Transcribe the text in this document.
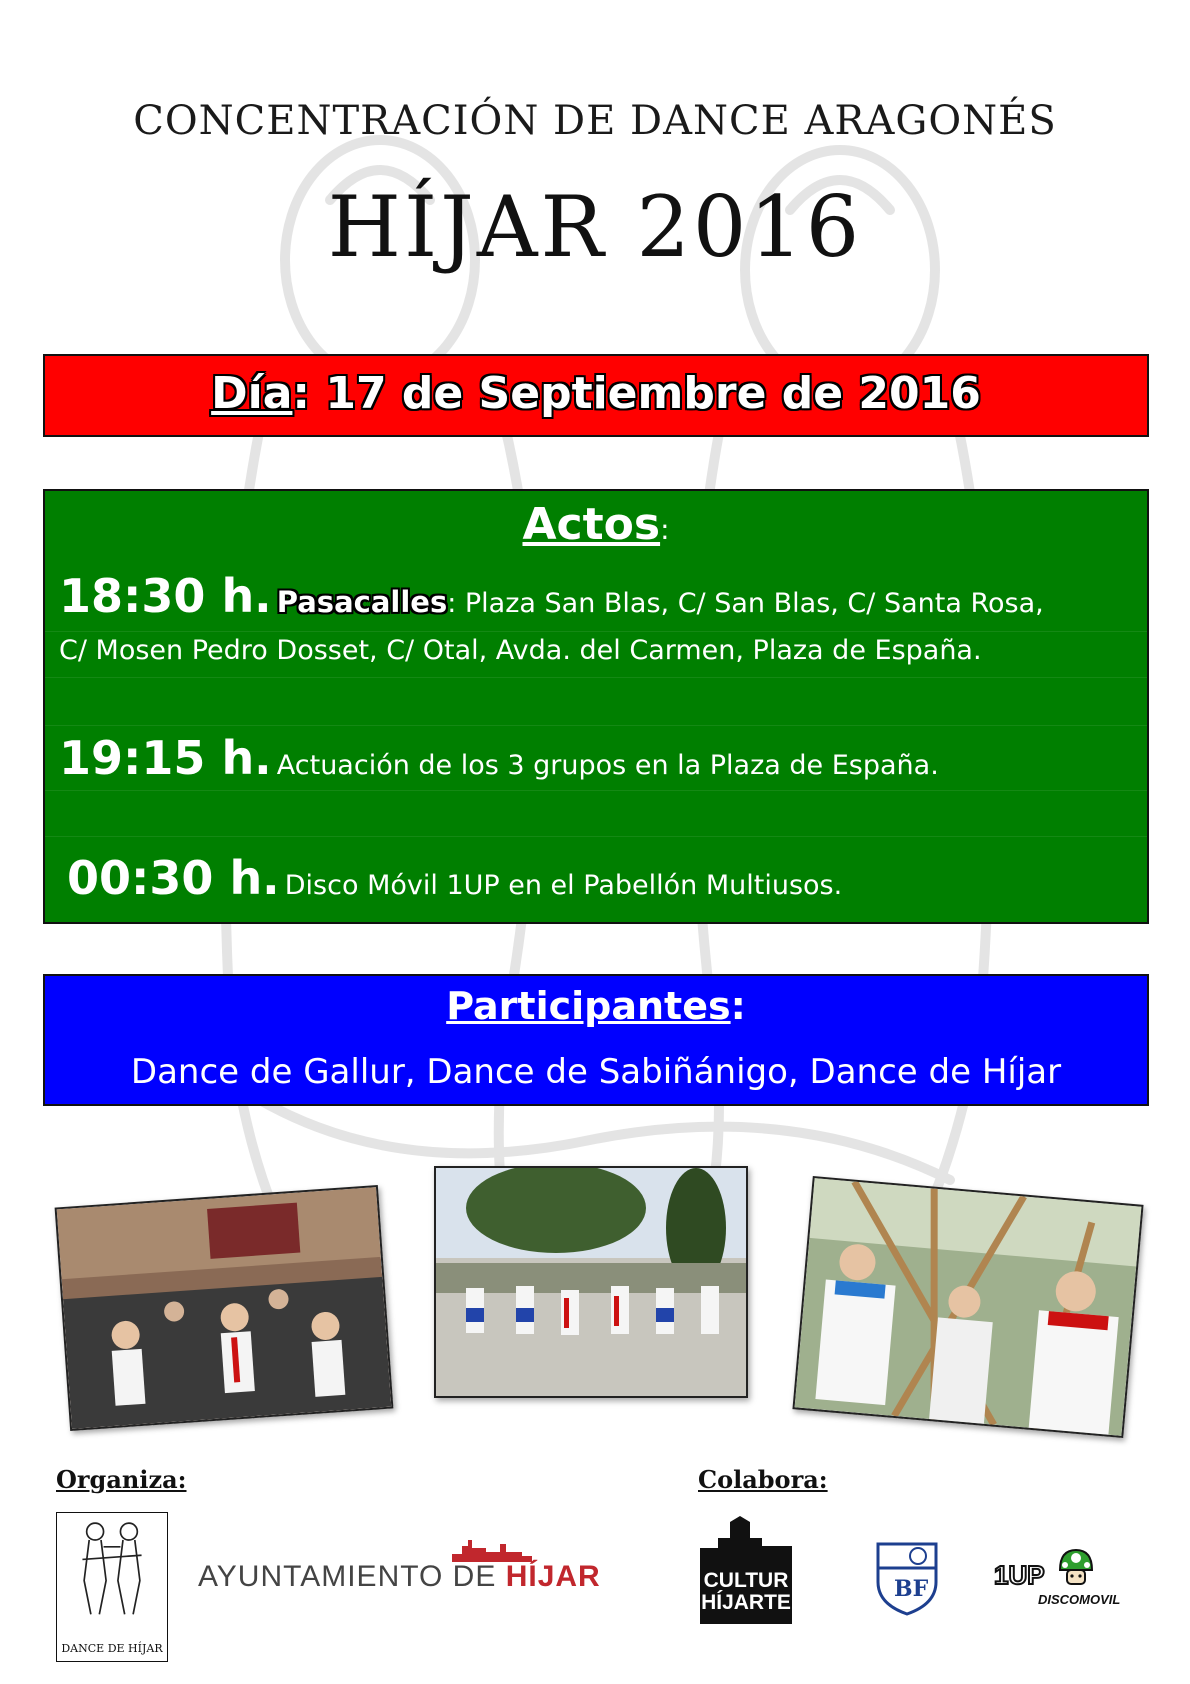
CONCENTRACIÓN DE DANCE ARAGONÉS
HÍJAR 2016
Día: 17 de Septiembre de 2016
Actos:
18:30 h. Pasacalles: Plaza San Blas, C/ San Blas, C/ Santa Rosa,
C/ Mosen Pedro Dosset, C/ Otal, Avda. del Carmen, Plaza de España.
19:15 h. Actuación de los 3 grupos en la Plaza de España.
00:30 h. Disco Móvil 1UP en el Pabellón Multiusos.
Participantes:
Dance de Gallur, Dance de Sabiñánigo, Dance de Híjar
Organiza:	Colabora:
DANCE DE HÍJAR
AYUNTAMIENTO DE HÍJAR	CULTUR
HÍJARTE
BF	1UP
DISCOMOVIL
